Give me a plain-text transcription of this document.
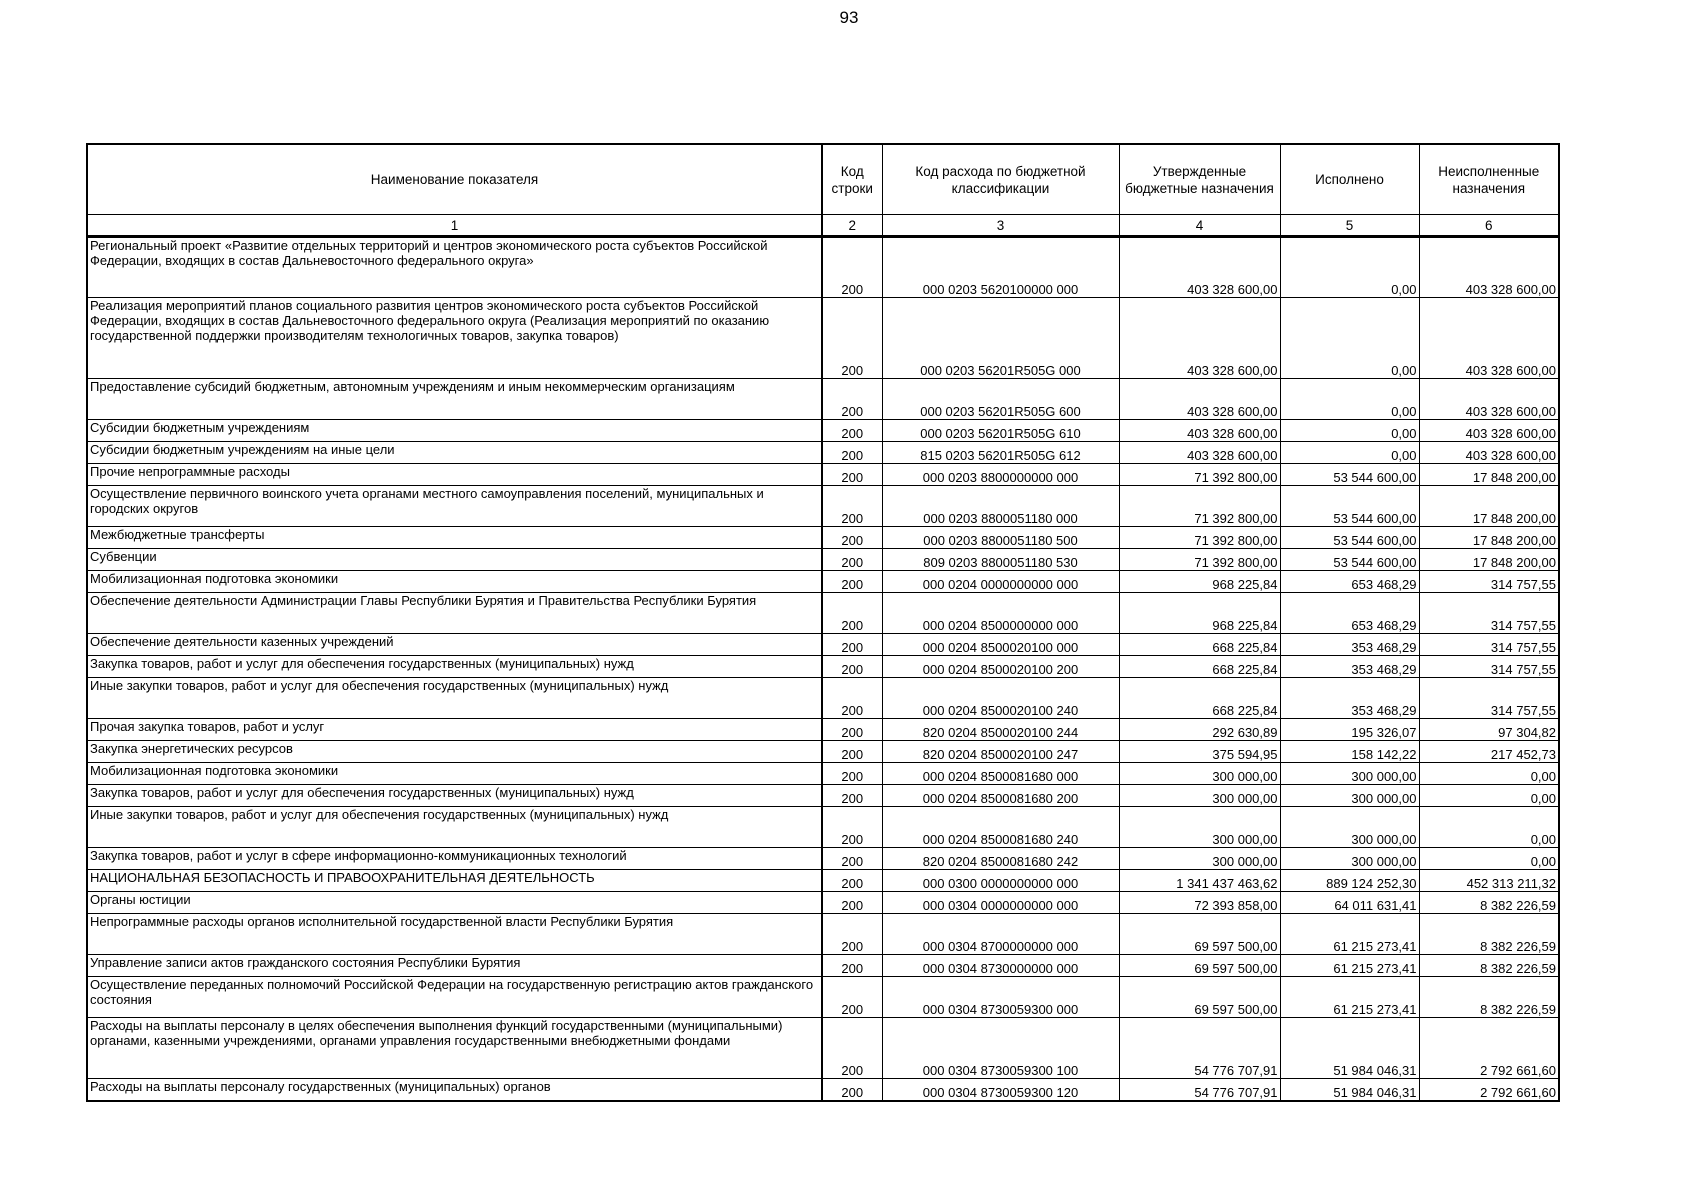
93
Наименование показателя	Код строки	Код расхода по бюджетной классификации	Утвержденные бюджетные назначения	Исполнено	Неисполненные назначения
1	2	3	4	5	6
Региональный проект «Развитие отдельных территорий и центров экономического роста субъектов Российской Федерации, входящих в состав Дальневосточного федерального округа»	200	000 0203 5620100000 000	403 328 600,00	0,00	403 328 600,00
Реализация мероприятий планов социального развития центров экономического роста субъектов Российской Федерации, входящих в состав Дальневосточного федерального округа (Реализация мероприятий по оказанию государственной поддержки производителям технологичных товаров, закупка товаров)	200	000 0203 56201R505G 000	403 328 600,00	0,00	403 328 600,00
Предоставление субсидий бюджетным, автономным учреждениям и иным некоммерческим организациям	200	000 0203 56201R505G 600	403 328 600,00	0,00	403 328 600,00
Субсидии бюджетным учреждениям	200	000 0203 56201R505G 610	403 328 600,00	0,00	403 328 600,00
Субсидии бюджетным учреждениям на иные цели	200	815 0203 56201R505G 612	403 328 600,00	0,00	403 328 600,00
Прочие непрограммные расходы	200	000 0203 8800000000 000	71 392 800,00	53 544 600,00	17 848 200,00
Осуществление первичного воинского учета органами местного самоуправления поселений, муниципальных и городских округов	200	000 0203 8800051180 000	71 392 800,00	53 544 600,00	17 848 200,00
Межбюджетные трансферты	200	000 0203 8800051180 500	71 392 800,00	53 544 600,00	17 848 200,00
Субвенции	200	809 0203 8800051180 530	71 392 800,00	53 544 600,00	17 848 200,00
Мобилизационная подготовка экономики	200	000 0204 0000000000 000	968 225,84	653 468,29	314 757,55
Обеспечение деятельности Администрации Главы Республики Бурятия и Правительства Республики Бурятия	200	000 0204 8500000000 000	968 225,84	653 468,29	314 757,55
Обеспечение деятельности казенных учреждений	200	000 0204 8500020100 000	668 225,84	353 468,29	314 757,55
Закупка товаров, работ и услуг для обеспечения государственных (муниципальных) нужд	200	000 0204 8500020100 200	668 225,84	353 468,29	314 757,55
Иные закупки товаров, работ и услуг для обеспечения государственных (муниципальных) нужд	200	000 0204 8500020100 240	668 225,84	353 468,29	314 757,55
Прочая закупка товаров, работ и услуг	200	820 0204 8500020100 244	292 630,89	195 326,07	97 304,82
Закупка энергетических ресурсов	200	820 0204 8500020100 247	375 594,95	158 142,22	217 452,73
Мобилизационная подготовка экономики	200	000 0204 8500081680 000	300 000,00	300 000,00	0,00
Закупка товаров, работ и услуг для обеспечения государственных (муниципальных) нужд	200	000 0204 8500081680 200	300 000,00	300 000,00	0,00
Иные закупки товаров, работ и услуг для обеспечения государственных (муниципальных) нужд	200	000 0204 8500081680 240	300 000,00	300 000,00	0,00
Закупка товаров, работ и услуг в сфере информационно-коммуникационных технологий	200	820 0204 8500081680 242	300 000,00	300 000,00	0,00
НАЦИОНАЛЬНАЯ БЕЗОПАСНОСТЬ И ПРАВООХРАНИТЕЛЬНАЯ ДЕЯТЕЛЬНОСТЬ	200	000 0300 0000000000 000	1 341 437 463,62	889 124 252,30	452 313 211,32
Органы юстиции	200	000 0304 0000000000 000	72 393 858,00	64 011 631,41	8 382 226,59
Непрограммные расходы органов исполнительной государственной власти Республики Бурятия	200	000 0304 8700000000 000	69 597 500,00	61 215 273,41	8 382 226,59
Управление записи актов гражданского состояния Республики Бурятия	200	000 0304 8730000000 000	69 597 500,00	61 215 273,41	8 382 226,59
Осуществление переданных полномочий Российской Федерации на государственную регистрацию актов гражданского состояния	200	000 0304 8730059300 000	69 597 500,00	61 215 273,41	8 382 226,59
Расходы на выплаты персоналу в целях обеспечения выполнения функций государственными (муниципальными) органами, казенными учреждениями, органами управления государственными внебюджетными фондами	200	000 0304 8730059300 100	54 776 707,91	51 984 046,31	2 792 661,60
Расходы на выплаты персоналу государственных (муниципальных) органов	200	000 0304 8730059300 120	54 776 707,91	51 984 046,31	2 792 661,60
